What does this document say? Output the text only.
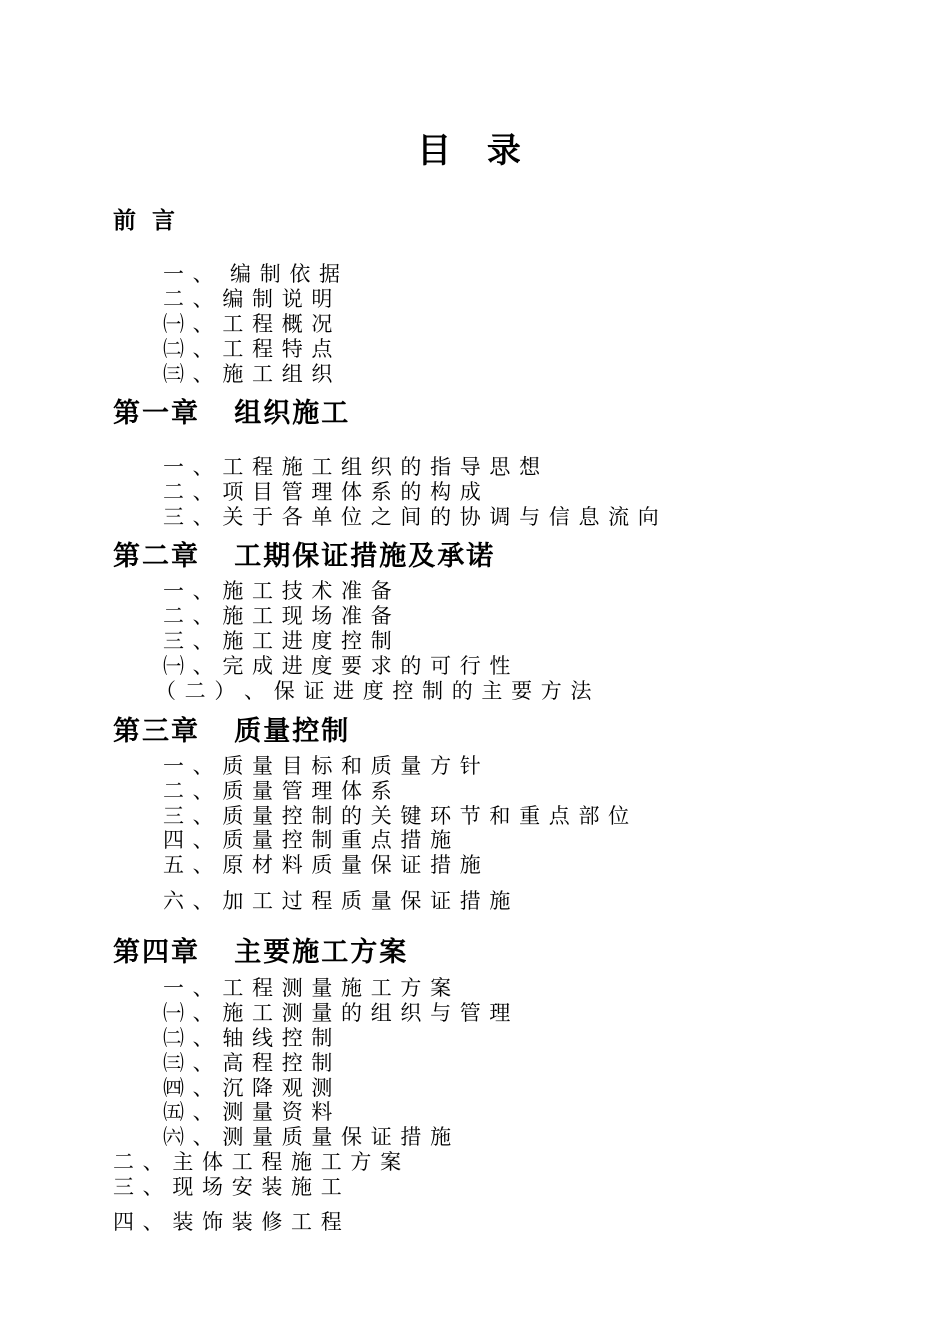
目 录
前 言
一 、  编 制 依 据
二 、 编 制 说 明
㈠ 、 工 程 概 况
㈡ 、 工 程 特 点
㈢ 、 施 工 组 织
第一章   组织施工
一 、 工 程 施 工 组 织 的 指 导 思 想
二 、 项 目 管 理 体 系 的 构 成
三 、 关 于 各 单 位 之 间 的 协 调 与 信 息 流 向
第二章   工期保证措施及承诺
一 、 施 工 技 术 准 备
二 、 施 工 现 场 准 备
三 、 施 工 进 度 控 制
㈠ 、 完 成 进 度 要 求 的 可 行 性
（ 二 ） 、 保 证 进 度 控 制 的 主 要 方 法
第三章   质量控制
一 、 质 量 目 标 和 质 量 方 针
二 、 质 量 管 理 体 系
三 、 质 量 控 制 的 关 键 环 节 和 重 点 部 位
四 、 质 量 控 制 重 点 措 施
五 、 原 材 料 质 量 保 证 措 施
六 、 加 工 过 程 质 量 保 证 措 施
第四章   主要施工方案
一 、 工 程 测 量 施 工 方 案
㈠ 、 施 工 测 量 的 组 织 与 管 理
㈡ 、 轴 线 控 制
㈢ 、 高 程 控 制
㈣ 、 沉 降 观 测
㈤ 、 测 量 资 料
㈥ 、 测 量 质 量 保 证 措 施
二 、 主 体 工 程 施 工 方 案
三 、 现 场 安 装 施 工
四 、 装 饰 装 修 工 程
